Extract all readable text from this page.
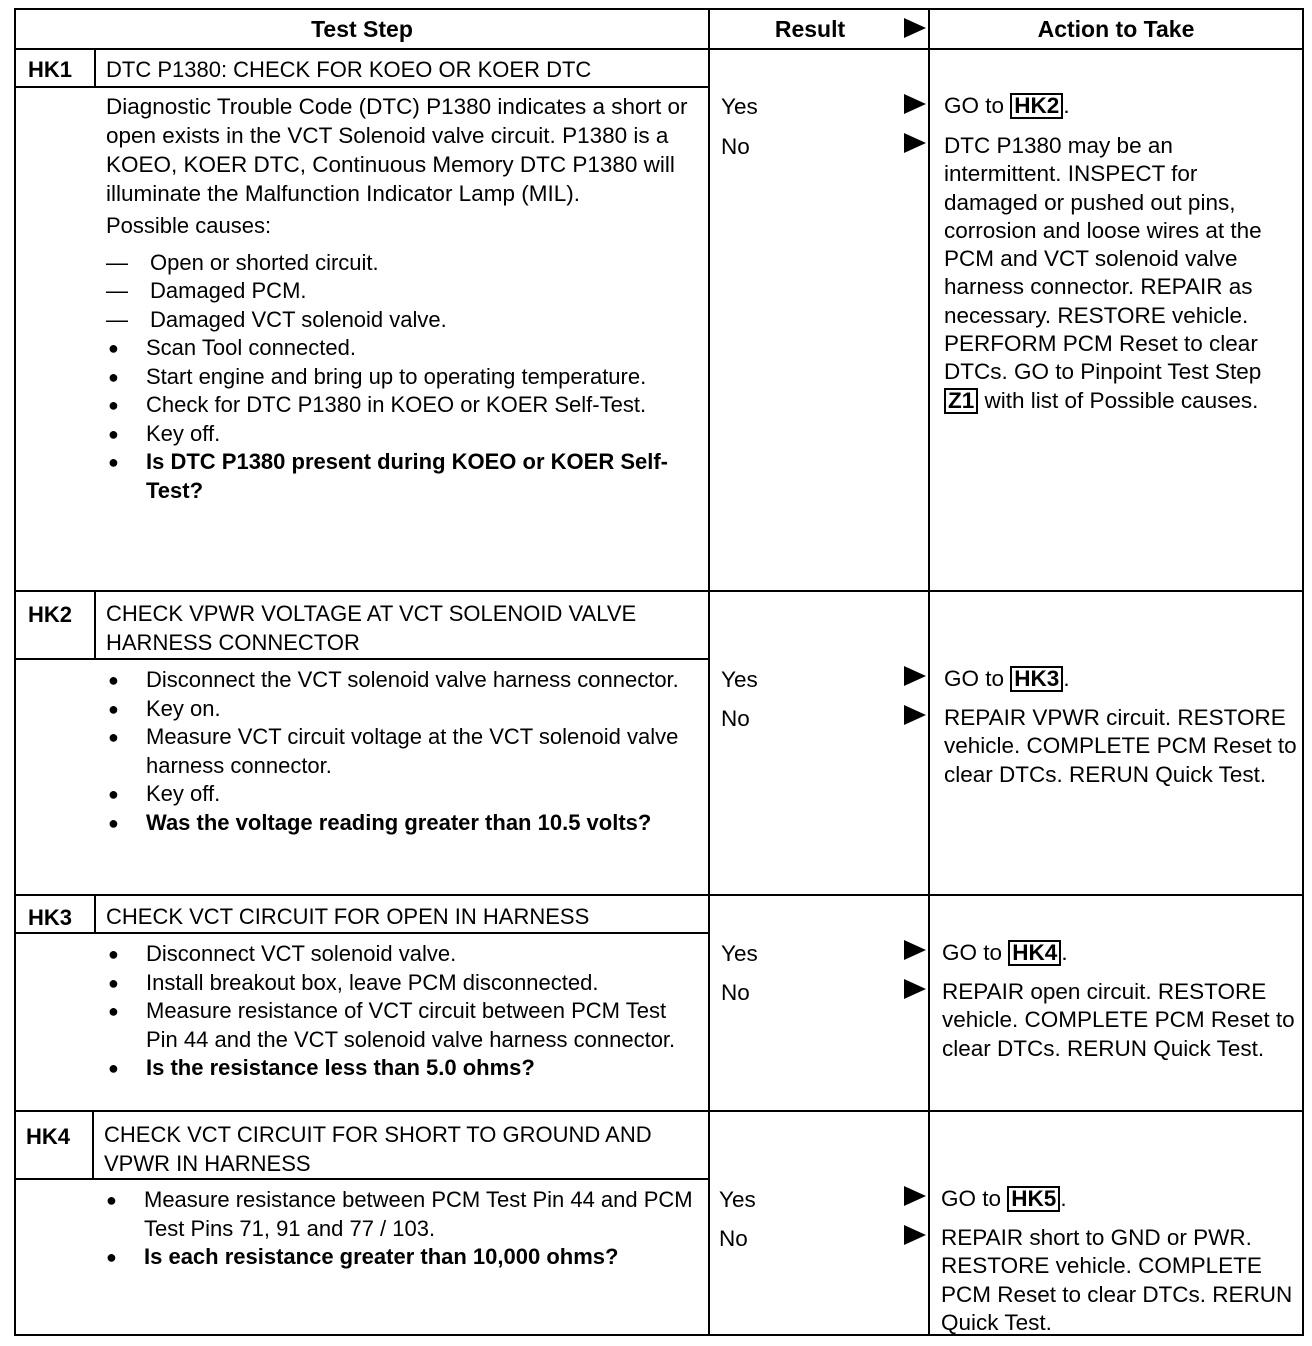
Test Step	Result	Action to Take
HK1 DTC P1380: CHECK FOR KOEO OR KOER DTC
Diagnostic Trouble Code (DTC) P1380 indicates a short or open exists in the VCT Solenoid valve circuit. P1380 is a KOEO, KOER DTC, Continuous Memory DTC P1380 will illuminate the Malfunction Indicator Lamp (MIL).
Possible causes:
— Open or shorted circuit.
— Damaged PCM.
— Damaged VCT solenoid valve.
● Scan Tool connected.
● Start engine and bring up to operating temperature.
● Check for DTC P1380 in KOEO or KOER Self-Test.
● Key off.
● Is DTC P1380 present during KOEO or KOER Self-Test?
Yes
No
GO to HK2 .
DTC P1380 may be an intermittent. INSPECT for damaged or pushed out pins, corrosion and loose wires at the PCM and VCT solenoid valve harness connector. REPAIR as necessary. RESTORE vehicle. PERFORM PCM Reset to clear DTCs. GO to Pinpoint Test Step Z1 with list of Possible causes.
HK2 CHECK VPWR VOLTAGE AT VCT SOLENOID VALVE HARNESS CONNECTOR
● Disconnect the VCT solenoid valve harness connector.
● Key on.
● Measure VCT circuit voltage at the VCT solenoid valve harness connector.
● Key off.
● Was the voltage reading greater than 10.5 volts?
Yes
No
GO to HK3 .
REPAIR VPWR circuit. RESTORE vehicle. COMPLETE PCM Reset to clear DTCs. RERUN Quick Test.
HK3 CHECK VCT CIRCUIT FOR OPEN IN HARNESS
● Disconnect VCT solenoid valve.
● Install breakout box, leave PCM disconnected.
● Measure resistance of VCT circuit between PCM Test Pin 44 and the VCT solenoid valve harness connector.
● Is the resistance less than 5.0 ohms?
Yes
No
GO to HK4 .
REPAIR open circuit. RESTORE vehicle. COMPLETE PCM Reset to clear DTCs. RERUN Quick Test.
HK4 CHECK VCT CIRCUIT FOR SHORT TO GROUND AND VPWR IN HARNESS
● Measure resistance between PCM Test Pin 44 and PCM Test Pins 71, 91 and 77 / 103.
● Is each resistance greater than 10,000 ohms?
Yes
No
GO to HK5 .
REPAIR short to GND or PWR. RESTORE vehicle. COMPLETE PCM Reset to clear DTCs. RERUN Quick Test.
